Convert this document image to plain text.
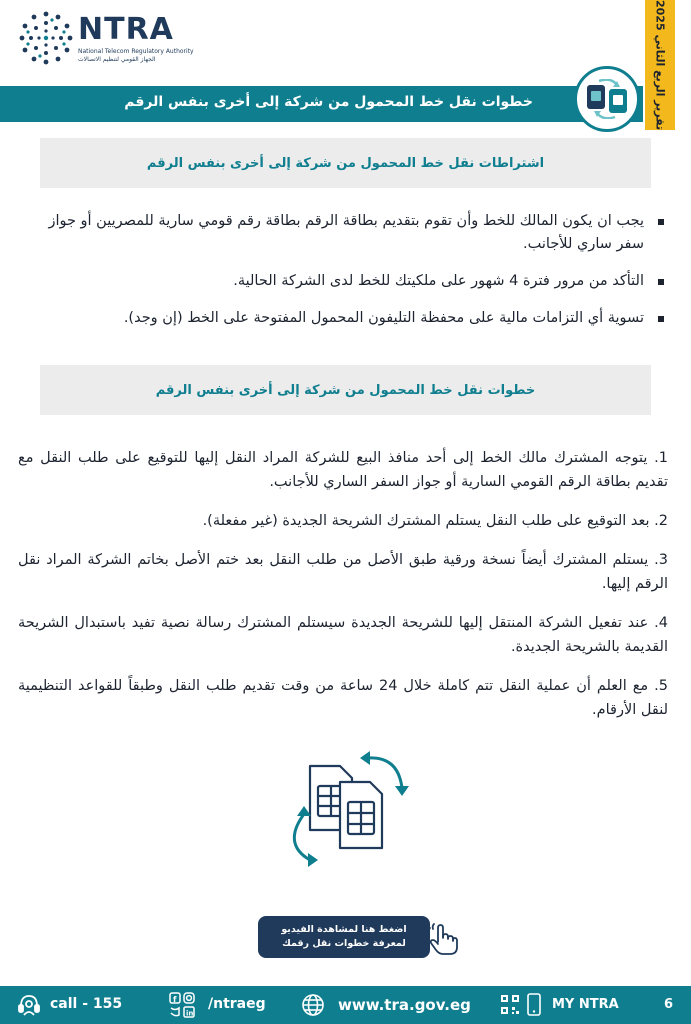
NTRA
National Telecom Regulatory Authority
الجهاز القومي لتنظيم الاتصالات
تقرير الربع الثاني 2025
خطوات نقل خط المحمول من شركة إلى أخرى بنفس الرقم
اشتراطات نقل خط المحمول من شركة إلى أخرى بنفس الرقم
يجب ان يكون المالك للخط وأن تقوم بتقديم بطاقة الرقم بطاقة رقم قومي سارية للمصريين أو جواز سفر ساري للأجانب.
التأكد من مرور فترة 4 شهور على ملكيتك للخط لدى الشركة الحالية.
تسوية أي التزامات مالية على محفظة التليفون المحمول المفتوحة على الخط (إن وجد).
خطوات نقل خط المحمول من شركة إلى أخرى بنفس الرقم

1. يتوجه المشترك مالك الخط إلى أحد منافذ البيع للشركة المراد النقل إليها للتوقيع على طلب النقل مع تقديم بطاقة الرقم القومي السارية أو جواز السفر الساري للأجانب.

2. بعد التوقيع على طلب النقل يستلم المشترك الشريحة الجديدة (غير مفعلة).

3. يستلم المشترك أيضاً نسخة ورقية طبق الأصل من طلب النقل بعد ختم الأصل بخاتم الشركة المراد نقل الرقم إليها.

4. عند تفعيل الشركة المنتقل إليها للشريحة الجديدة سيستلم المشترك رسالة نصية تفيد باستبدال الشريحة القديمة بالشريحة الجديدة.

5. مع العلم أن عملية النقل تتم كاملة خلال 24 ساعة من وقت تقديم طلب النقل وطبقاً للقواعد التنظيمية لنقل الأرقام.

اضغط هنا لمشاهدة الفيديو
لمعرفة خطوات نقل رقمك
call - 155	f
in
/ntraeg	www.tra.gov.eg	MY NTRA	6
